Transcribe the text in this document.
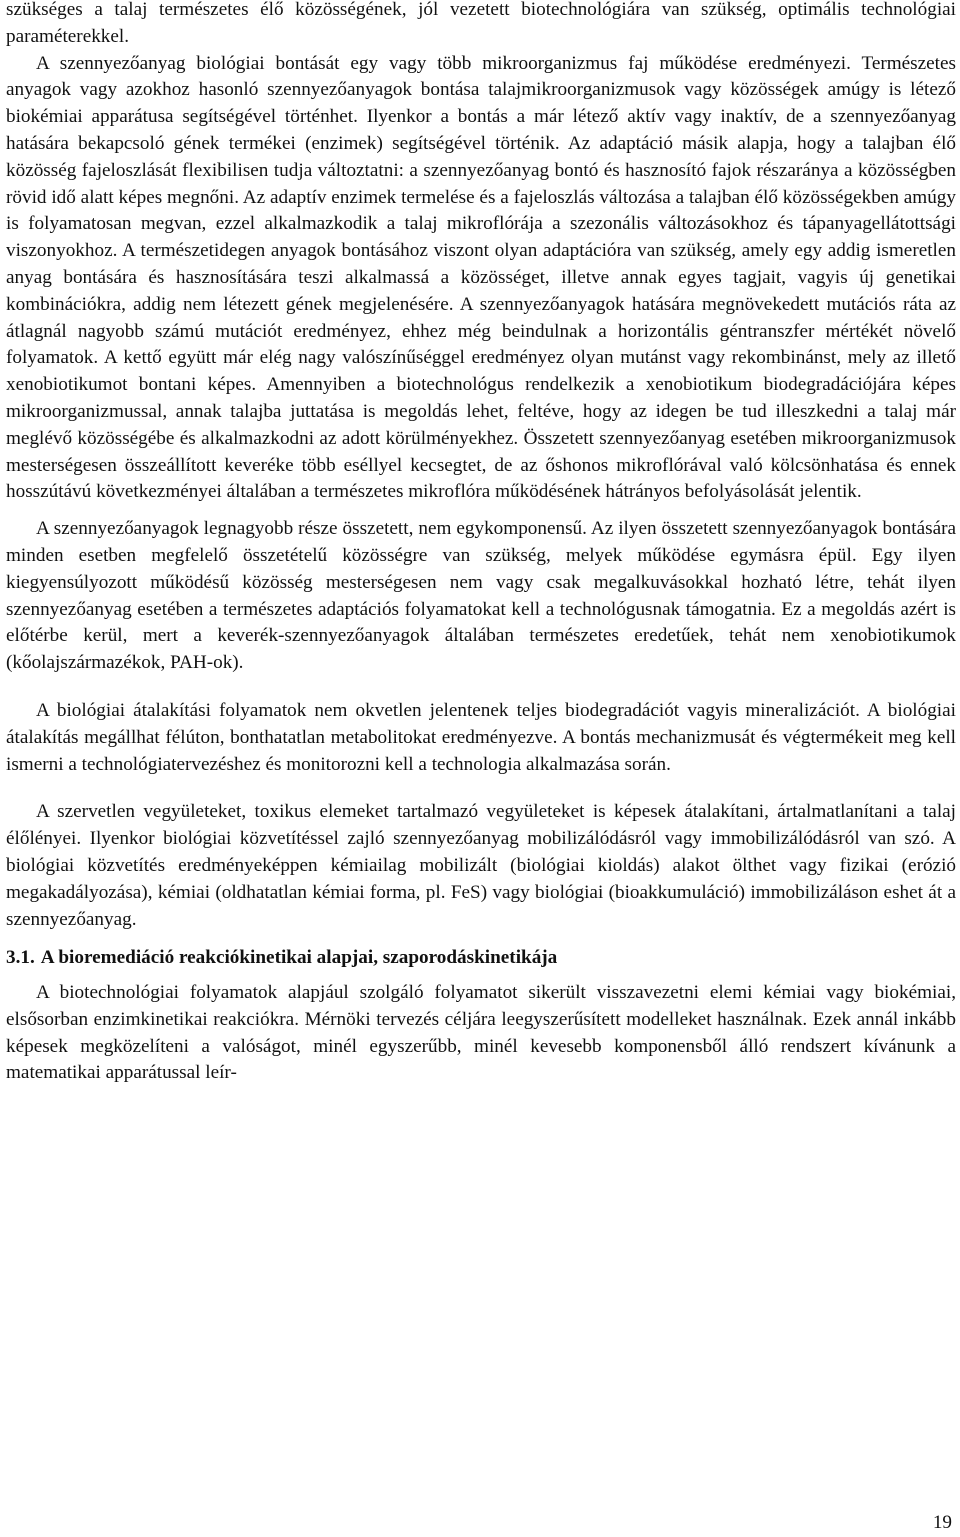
szükséges a talaj természetes élő közösségének, jól vezetett biotechnológiára van szükség, optimális technológiai paraméterekkel.

A szennyezőanyag biológiai bontását egy vagy több mikroorganizmus faj működése eredményezi. Természetes anyagok vagy azokhoz hasonló szennyezőanyagok bontása talajmikroorganizmusok vagy közösségek amúgy is létező biokémiai apparátusa segítségével történhet. Ilyenkor a bontás a már létező aktív vagy inaktív, de a szennyezőanyag hatására bekapcsoló gének termékei (enzimek) segítségével történik. Az adaptáció másik alapja, hogy a talajban élő közösség fajeloszlását flexibilisen tudja változtatni: a szennyezőanyag bontó és hasznosító fajok részaránya a közösségben rövid idő alatt képes megnőni. Az adaptív enzimek termelése és a fajeloszlás változása a talajban élő közösségekben amúgy is folyamatosan megvan, ezzel alkalmazkodik a talaj mikroflórája a szezonális változásokhoz és tápanyagellátottsági viszonyokhoz. A természetidegen anyagok bontásához viszont olyan adaptációra van szükség, amely egy addig ismeretlen anyag bontására és hasznosítására teszi alkalmassá a közösséget, illetve annak egyes tagjait, vagyis új genetikai kombinációkra, addig nem létezett gének megjelenésére. A szennyezőanyagok hatására megnövekedett mutációs ráta az átlagnál nagyobb számú mutációt eredményez, ehhez még beindulnak a horizontális géntranszfer mértékét növelő folyamatok. A kettő együtt már elég nagy valószínűséggel eredményez olyan mutánst vagy rekombinánst, mely az illető xenobiotikumot bontani képes. Amennyiben a biotechnológus rendelkezik a xenobiotikum biodegradációjára képes mikroorganizmussal, annak talajba juttatása is megoldás lehet, feltéve, hogy az idegen be tud illeszkedni a talaj már meglévő közösségébe és alkalmazkodni az adott körülményekhez. Összetett szennyezőanyag esetében mikroorganizmusok mesterségesen összeállított keveréke több eséllyel kecsegtet, de az őshonos mikroflórával való kölcsönhatása és ennek hosszútávú következményei általában a természetes mikroflóra működésének hátrányos befolyásolását jelentik.

A szennyezőanyagok legnagyobb része összetett, nem egykomponensű. Az ilyen összetett szennyezőanyagok bontására minden esetben megfelelő összetételű közösségre van szükség, melyek működése egymásra épül. Egy ilyen kiegyensúlyozott működésű közösség mesterségesen nem vagy csak megalkuvásokkal hozható létre, tehát ilyen szennyezőanyag esetében a természetes adaptációs folyamatokat kell a technológusnak támogatnia. Ez a megoldás azért is előtérbe kerül, mert a keverék-szennyezőanyagok általában természetes eredetűek, tehát nem xenobiotikumok (kőolajszármazékok, PAH-ok).

A biológiai átalakítási folyamatok nem okvetlen jelentenek teljes biodegradációt vagyis mineralizációt. A biológiai átalakítás megállhat félúton, bonthatatlan metabolitokat eredményezve. A bontás mechanizmusát és végtermékeit meg kell ismerni a technológiatervezéshez és monitorozni kell a technologia alkalmazása során.

A szervetlen vegyületeket, toxikus elemeket tartalmazó vegyületeket is képesek átalakítani, ártalmatlanítani a talaj élőlényei. Ilyenkor biológiai közvetítéssel zajló szennyezőanyag mobilizálódásról vagy immobilizálódásról van szó. A biológiai közvetítés eredményeképpen kémiailag mobilizált (biológiai kioldás) alakot ölthet vagy fizikai (erózió megakadályozása), kémiai (oldhatatlan kémiai forma, pl. FeS) vagy biológiai (bioakkumuláció) immobilizáláson eshet át a szennyezőanyag.

3.1. A bioremediáció reakciókinetikai alapjai, szaporodáskinetikája

A biotechnológiai folyamatok alapjául szolgáló folyamatot sikerült visszavezetni elemi kémiai vagy biokémiai, elsősorban enzimkinetikai reakciókra. Mérnöki tervezés céljára leegyszerűsített modelleket használnak. Ezek annál inkább képesek megközelíteni a valóságot, minél egyszerűbb, minél kevesebb komponensből álló rendszert kívánunk a matematikai apparátussal leír-

19
